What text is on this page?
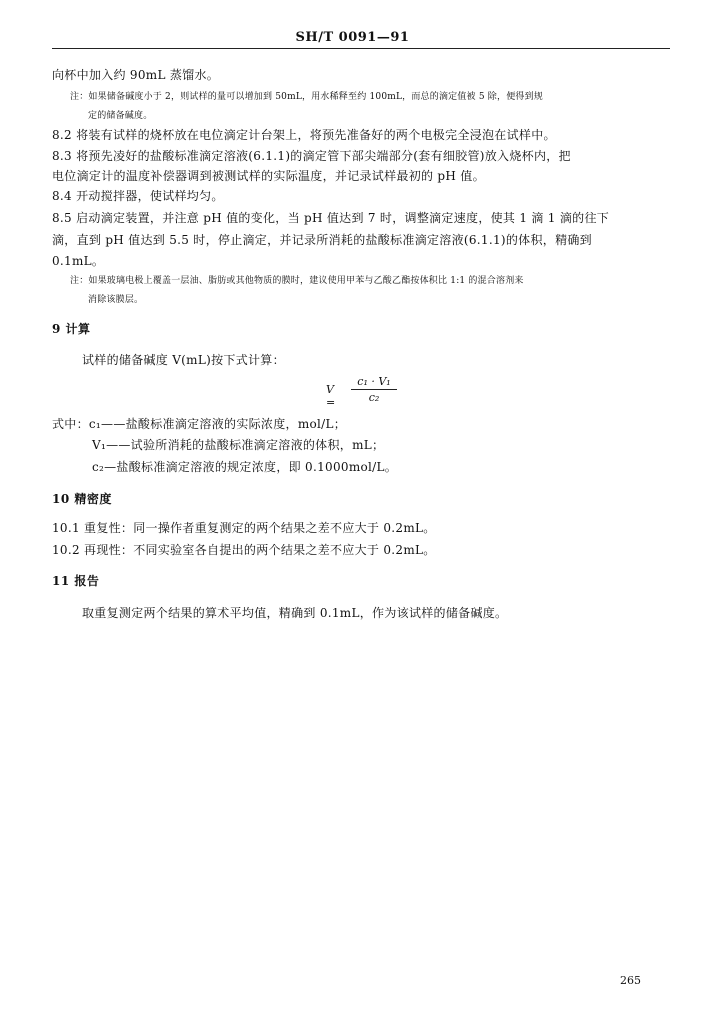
SH/T 0091—91
向杯中加入约 90mL 蒸馏水。
注：如果储备碱度小于 2，则试样的量可以增加到 50mL，用水稀释至约 100mL，而总的滴定值被 5 除，便得到规
定的储备碱度。
8.2 将装有试样的烧杯放在电位滴定计台架上，将预先准备好的两个电极完全浸泡在试样中。
8.3 将预先凌好的盐酸标准滴定溶液(6.1.1)的滴定管下部尖端部分(套有细胶管)放入烧杯内，把
电位滴定计的温度补偿器调到被测试样的实际温度，并记录试样最初的 pH 值。
8.4 开动搅拌器，使试样均匀。
8.5 启动滴定装置，并注意 pH 值的变化，当 pH 值达到 7 时，调整滴定速度，使其 1 滴 1 滴的往下
滴，直到 pH 值达到 5.5 时，停止滴定，并记录所消耗的盐酸标准滴定溶液(6.1.1)的体积，精确到
0.1mL。
注：如果玻璃电极上覆盖一层油、脂肪或其他物质的膜时，建议使用甲苯与乙酸乙酯按体积比 1:1 的混合溶剂来
消除该膜层。
9 计算
试样的储备碱度 V(mL)按下式计算：
V =
c₁ · V₁
c₂
式中：c₁——盐酸标准滴定溶液的实际浓度，mol/L；
V₁——试验所消耗的盐酸标准滴定溶液的体积，mL；
c₂—盐酸标准滴定溶液的规定浓度，即 0.1000mol/L。
10 精密度
10.1 重复性：同一操作者重复测定的两个结果之差不应大于 0.2mL。
10.2 再现性：不同实验室各自提出的两个结果之差不应大于 0.2mL。
11 报告
取重复测定两个结果的算术平均值，精确到 0.1mL，作为该试样的储备碱度。
265
